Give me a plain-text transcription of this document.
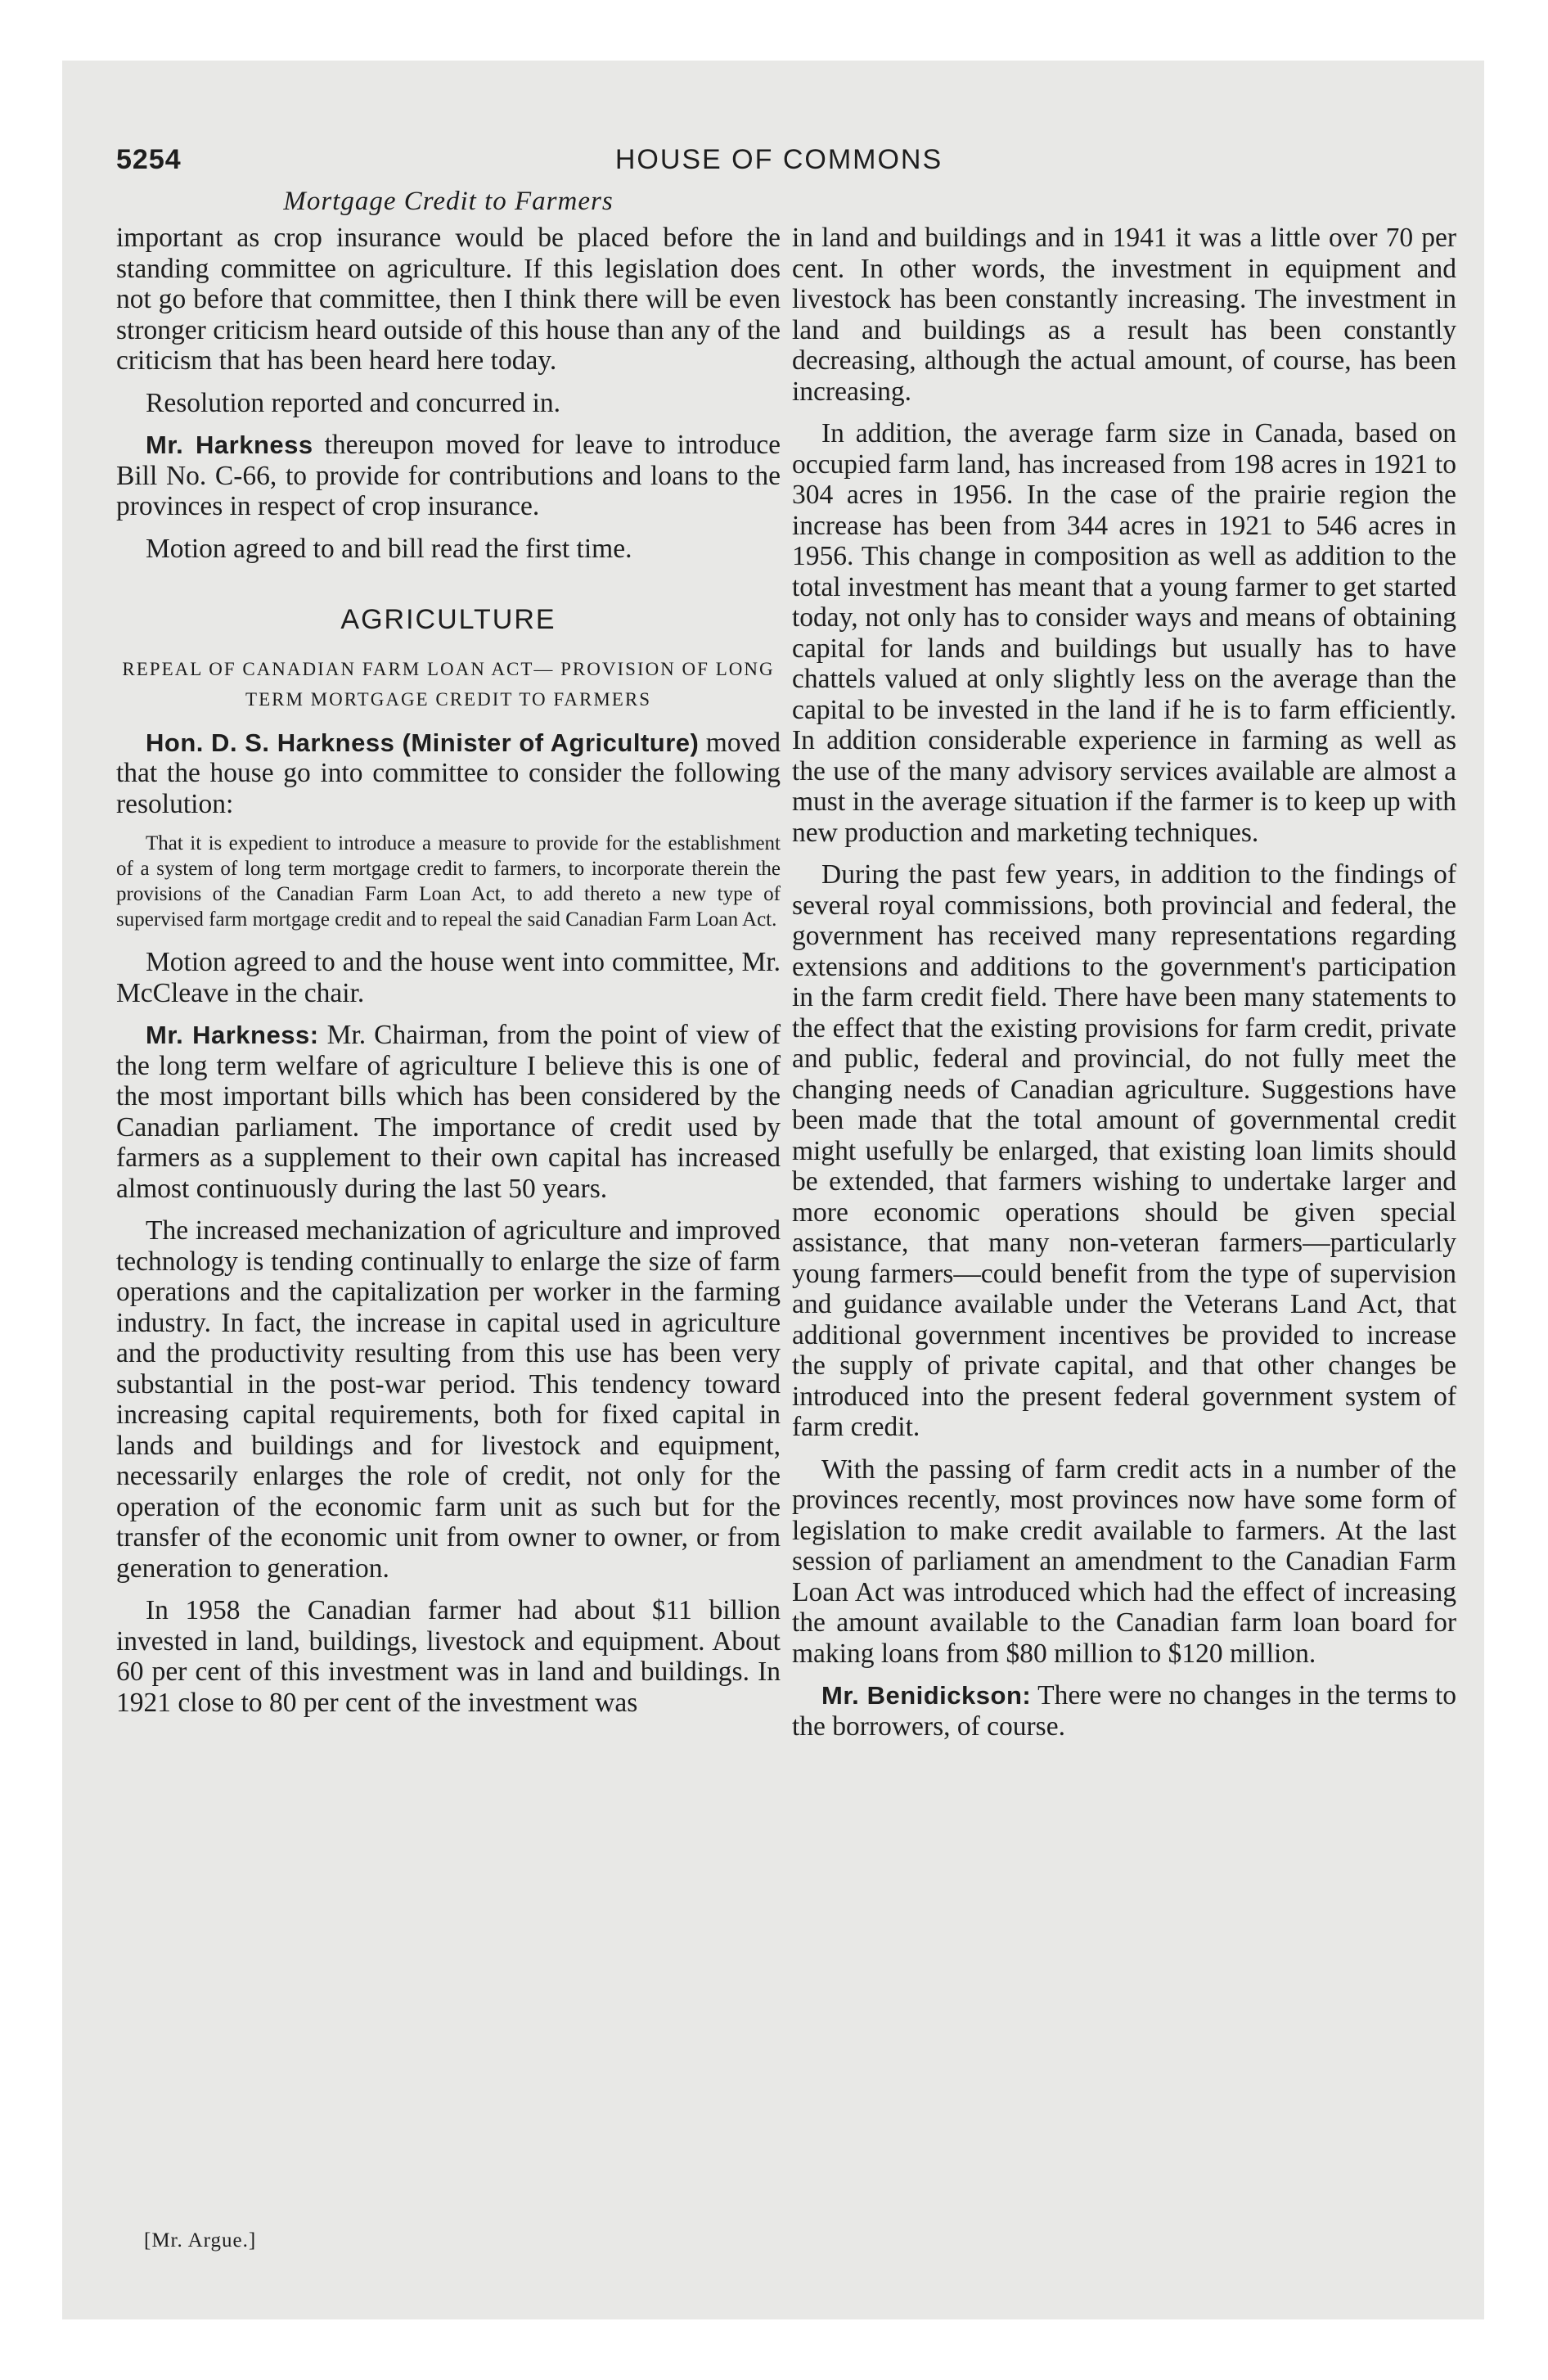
5254	HOUSE OF COMMONS
Mortgage Credit to Farmers

important as crop insurance would be placed before the standing committee on agriculture. If this legislation does not go before that committee, then I think there will be even stronger criticism heard outside of this house than any of the criticism that has been heard here today.

Resolution reported and concurred in.

Mr. Harkness thereupon moved for leave to introduce Bill No. C-66, to provide for contributions and loans to the provinces in respect of crop insurance.

Motion agreed to and bill read the first time.

AGRICULTURE
REPEAL OF CANADIAN FARM LOAN ACT— PROVISION OF LONG TERM MORTGAGE CREDIT TO FARMERS

Hon. D. S. Harkness (Minister of Agriculture) moved that the house go into committee to consider the following resolution:

That it is expedient to introduce a measure to provide for the establishment of a system of long term mortgage credit to farmers, to incorporate therein the provisions of the Canadian Farm Loan Act, to add thereto a new type of supervised farm mortgage credit and to repeal the said Canadian Farm Loan Act.

Motion agreed to and the house went into committee, Mr. McCleave in the chair.

Mr. Harkness: Mr. Chairman, from the point of view of the long term welfare of agriculture I believe this is one of the most important bills which has been considered by the Canadian parliament. The importance of credit used by farmers as a supplement to their own capital has increased almost continuously during the last 50 years.

The increased mechanization of agriculture and improved technology is tending continually to enlarge the size of farm operations and the capitalization per worker in the farming industry. In fact, the increase in capital used in agriculture and the productivity resulting from this use has been very substantial in the post-war period. This tendency toward increasing capital requirements, both for fixed capital in lands and buildings and for livestock and equipment, necessarily enlarges the role of credit, not only for the operation of the economic farm unit as such but for the transfer of the economic unit from owner to owner, or from generation to generation.

In 1958 the Canadian farmer had about $11 billion invested in land, buildings, livestock and equipment. About 60 per cent of this investment was in land and buildings. In 1921 close to 80 per cent of the investment was

in land and buildings and in 1941 it was a little over 70 per cent. In other words, the investment in equipment and livestock has been constantly increasing. The investment in land and buildings as a result has been constantly decreasing, although the actual amount, of course, has been increasing.

In addition, the average farm size in Canada, based on occupied farm land, has increased from 198 acres in 1921 to 304 acres in 1956. In the case of the prairie region the increase has been from 344 acres in 1921 to 546 acres in 1956. This change in composition as well as addition to the total investment has meant that a young farmer to get started today, not only has to consider ways and means of obtaining capital for lands and buildings but usually has to have chattels valued at only slightly less on the average than the capital to be invested in the land if he is to farm efficiently. In addition considerable experience in farming as well as the use of the many advisory services available are almost a must in the average situation if the farmer is to keep up with new production and marketing techniques.

During the past few years, in addition to the findings of several royal commissions, both provincial and federal, the government has received many representations regarding extensions and additions to the government's participation in the farm credit field. There have been many statements to the effect that the existing provisions for farm credit, private and public, federal and provincial, do not fully meet the changing needs of Canadian agriculture. Suggestions have been made that the total amount of governmental credit might usefully be enlarged, that existing loan limits should be extended, that farmers wishing to undertake larger and more economic operations should be given special assistance, that many non-veteran farmers—particularly young farmers—could benefit from the type of supervision and guidance available under the Veterans Land Act, that additional government incentives be provided to increase the supply of private capital, and that other changes be introduced into the present federal government system of farm credit.

With the passing of farm credit acts in a number of the provinces recently, most provinces now have some form of legislation to make credit available to farmers. At the last session of parliament an amendment to the Canadian Farm Loan Act was introduced which had the effect of increasing the amount available to the Canadian farm loan board for making loans from $80 million to $120 million.

Mr. Benidickson: There were no changes in the terms to the borrowers, of course.

[Mr. Argue.]
